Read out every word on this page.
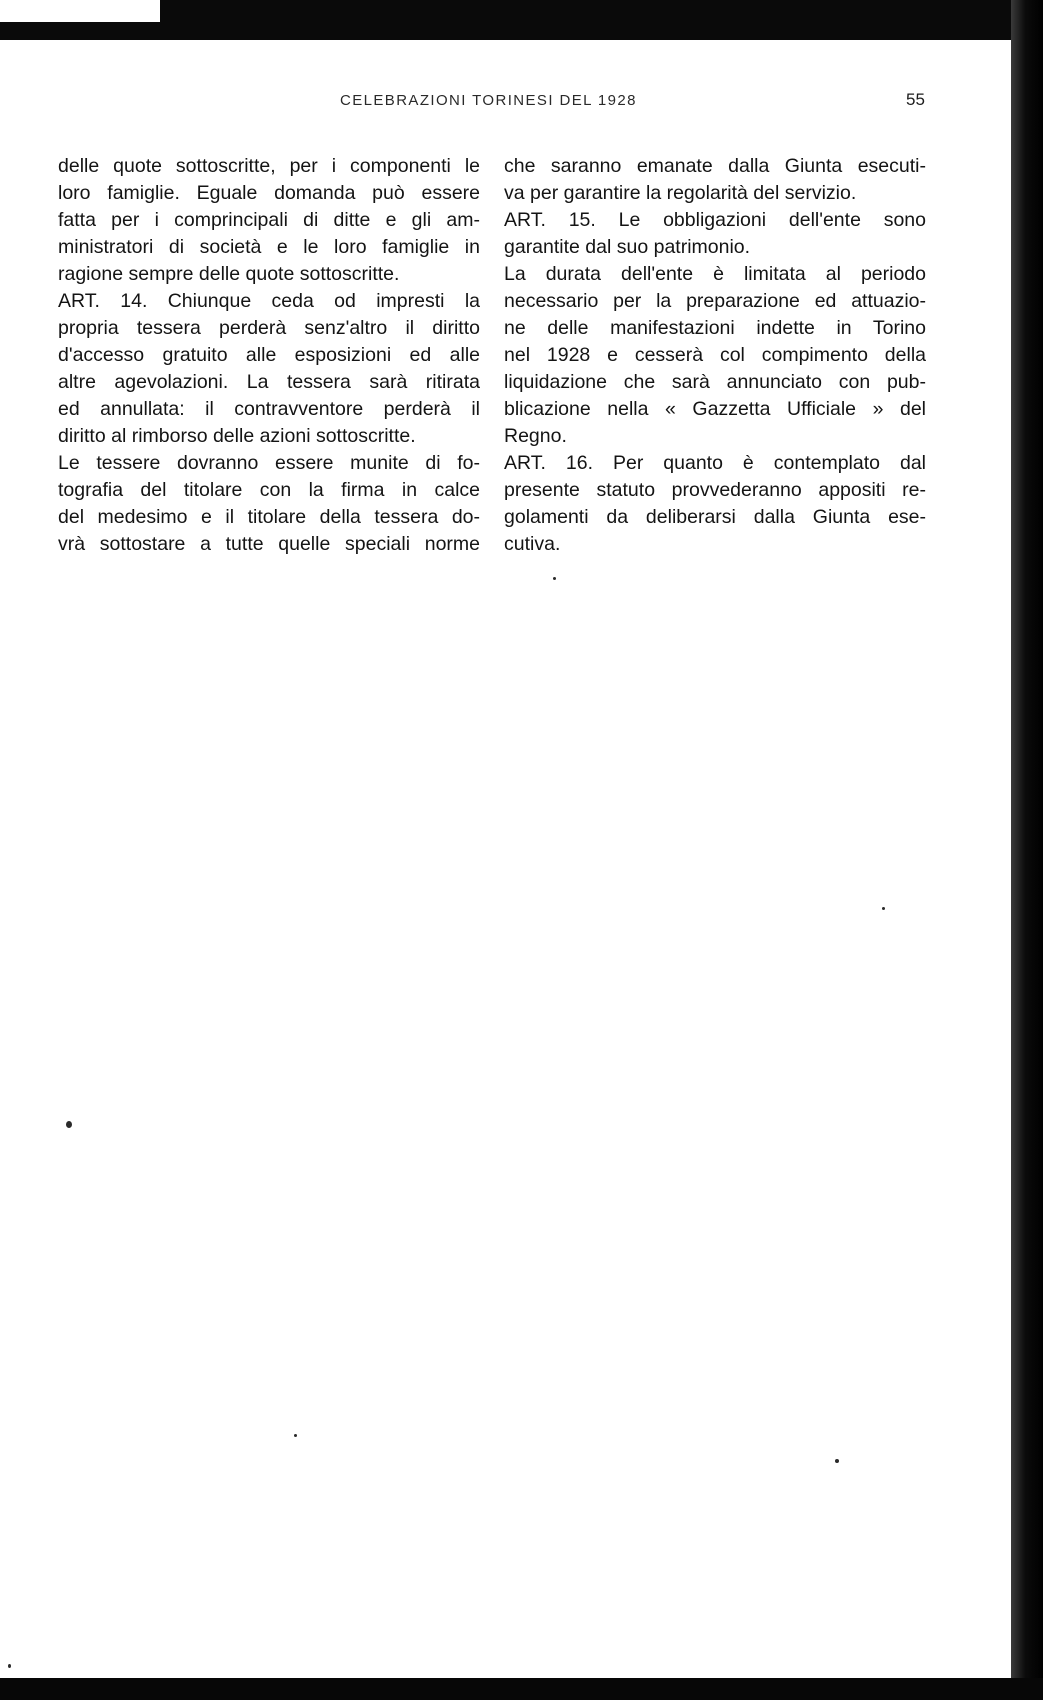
CELEBRAZIONI TORINESI DEL 1928	55
delle quote sottoscritte, per i componenti le
loro famiglie. Eguale domanda può essere
fatta per i comprincipali di ditte e gli am-
ministratori di società e le loro famiglie in
ragione sempre delle quote sottoscritte.
ART. 14. Chiunque ceda od impresti la
propria tessera perderà senz'altro il diritto
d'accesso gratuito alle esposizioni ed alle
altre agevolazioni. La tessera sarà ritirata
ed annullata: il contravventore perderà il
diritto al rimborso delle azioni sottoscritte.
Le tessere dovranno essere munite di fo-
tografia del titolare con la firma in calce
del medesimo e il titolare della tessera do-
vrà sottostare a tutte quelle speciali norme
che saranno emanate dalla Giunta esecuti-
va per garantire la regolarità del servizio.
ART. 15. Le obbligazioni dell'ente sono
garantite dal suo patrimonio.
La durata dell'ente è limitata al periodo
necessario per la preparazione ed attuazio-
ne delle manifestazioni indette in Torino
nel 1928 e cesserà col compimento della
liquidazione che sarà annunciato con pub-
blicazione nella « Gazzetta Ufficiale » del
Regno.
ART. 16. Per quanto è contemplato dal
presente statuto provvederanno appositi re-
golamenti da deliberarsi dalla Giunta ese-
cutiva.
